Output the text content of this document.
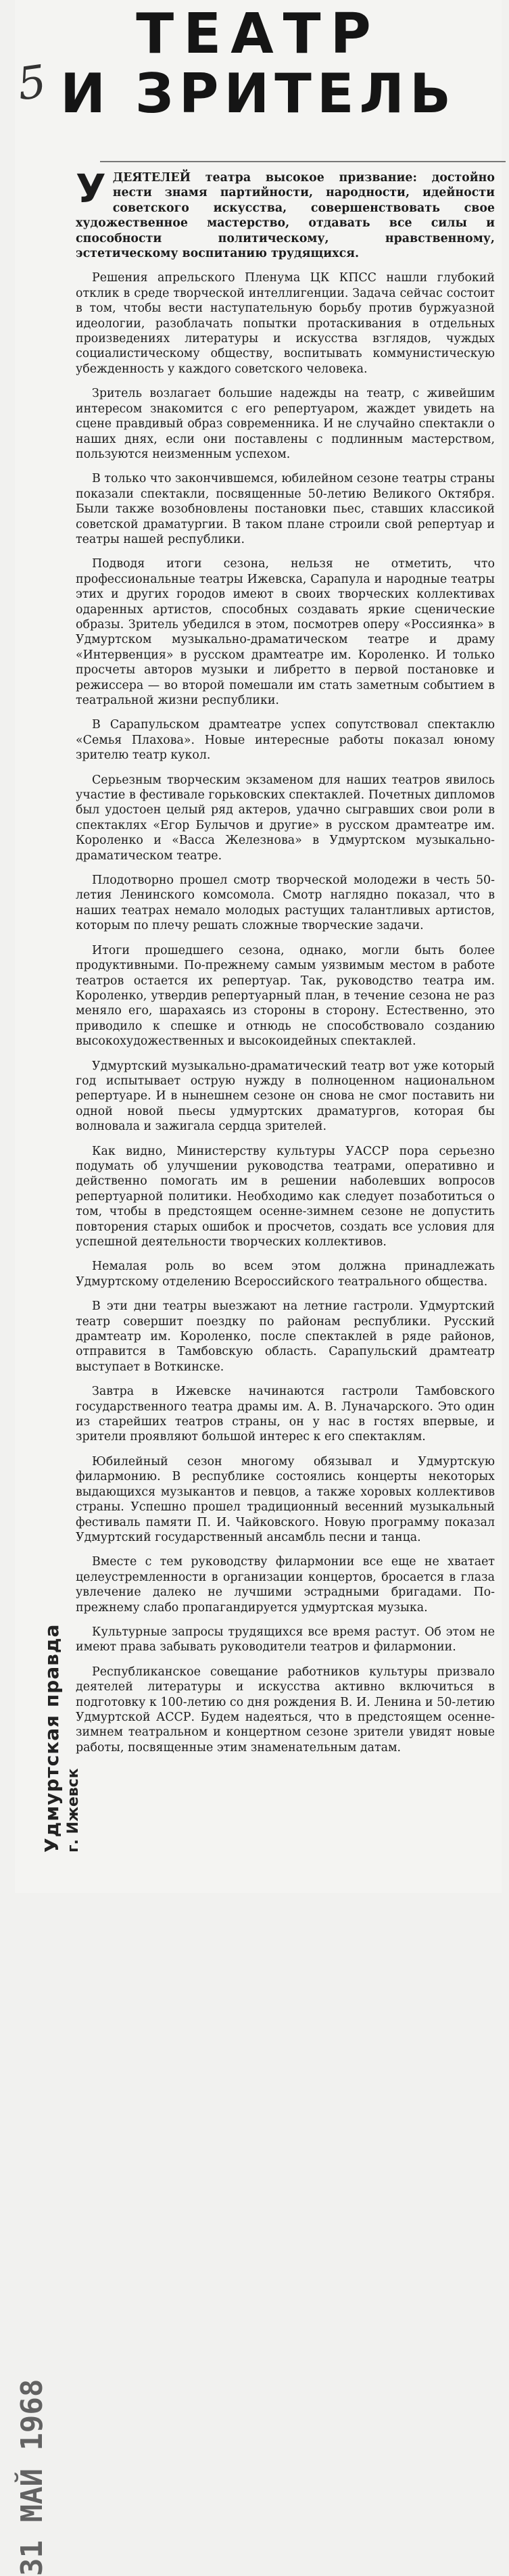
5
ТЕАТР
И ЗРИТЕЛЬ

УДЕЯТЕЛЕЙ театра высокое призвание: достойно нести знамя партийности, народности, идейности советского искусства, совершенствовать свое художественное мастерство, отдавать все силы и способности политическому, нравственному, эстетическому воспитанию трудящихся.

Решения апрельского Пленума ЦК КПСС нашли глубокий отклик в среде творческой интеллигенции. Задача сейчас состоит в том, чтобы вести наступательную борьбу против буржуазной идеологии, разоблачать попытки протаскивания в отдельных произведениях литературы и искусства взглядов, чуждых социалистическому обществу, воспитывать коммунистическую убежденность у каждого советского человека.

Зритель возлагает большие надежды на театр, с живейшим интересом знакомится с его репертуаром, жаждет увидеть на сцене правдивый образ современника. И не случайно спектакли о наших днях, если они поставлены с подлинным мастерством, пользуются неизменным успехом.

В только что закончившемся, юбилейном сезоне театры страны показали спектакли, посвященные 50-летию Великого Октября. Были также возобновлены постановки пьес, ставших классикой советской драматургии. В таком плане строили свой репертуар и театры нашей республики.

Подводя итоги сезона, нельзя не отметить, что профессиональные театры Ижевска, Сарапула и народные театры этих и других городов имеют в своих творческих коллективах одаренных артистов, способных создавать яркие сценические образы. Зритель убедился в этом, посмотрев оперу «Россиянка» в Удмуртском музыкально-драматическом театре и драму «Интервенция» в русском драмтеатре им. Короленко. И только просчеты авторов музыки и либретто в первой постановке и режиссера — во второй помешали им стать заметным событием в театральной жизни республики.

В Сарапульском драмтеатре успех сопутствовал спектаклю «Семья Плахова». Новые интересные работы показал юному зрителю театр кукол.

Серьезным творческим экзаменом для наших театров явилось участие в фестивале горьковских спектаклей. Почетных дипломов был удостоен целый ряд актеров, удачно сыгравших свои роли в спектаклях «Егор Булычов и другие» в русском драмтеатре им. Короленко и «Васса Железнова» в Удмуртском музыкально-драматическом театре.

Плодотворно прошел смотр творческой молодежи в честь 50-летия Ленинского комсомола. Смотр наглядно показал, что в наших театрах немало молодых растущих талантливых артистов, которым по плечу решать сложные творческие задачи.

Итоги прошедшего сезона, однако, могли быть более продуктивными. По-прежнему самым уязвимым местом в работе театров остается их репертуар. Так, руководство театра им. Короленко, утвердив репертуарный план, в течение сезона не раз меняло его, шарахаясь из стороны в сторону. Естественно, это приводило к спешке и отнюдь не способствовало созданию высокохудожественных и высокоидейных спектаклей.

Удмуртский музыкально-драматический театр вот уже который год испытывает острую нужду в полноценном национальном репертуаре. И в нынешнем сезоне он снова не смог поставить ни одной новой пьесы удмуртских драматургов, которая бы волновала и зажигала сердца зрителей.

Как видно, Министерству культуры УАССР пора серьезно подумать об улучшении руководства театрами, оперативно и действенно помогать им в решении наболевших вопросов репертуарной политики. Необходимо как следует позаботиться о том, чтобы в предстоящем осенне-зимнем сезоне не допустить повторения старых ошибок и просчетов, создать все условия для успешной деятельности творческих коллективов.

Немалая роль во всем этом должна принадлежать Удмуртскому отделению Всероссийского театрального общества.

В эти дни театры выезжают на летние гастроли. Удмуртский театр совершит поездку по районам республики. Русский драмтеатр им. Короленко, после спектаклей в ряде районов, отправится в Тамбовскую область. Сарапульский драмтеатр выступает в Воткинске.

Завтра в Ижевске начинаются гастроли Тамбовского государственного театра драмы им. А. В. Луначарского. Это один из старейших театров страны, он у нас в гостях впервые, и зрители проявляют большой интерес к его спектаклям.

Юбилейный сезон многому обязывал и Удмуртскую филармонию. В республике состоялись концерты некоторых выдающихся музыкантов и певцов, а также хоровых коллективов страны. Успешно прошел традиционный весенний музыкальный фестиваль памяти П. И. Чайковского. Новую программу показал Удмуртский государственный ансамбль песни и танца.

Вместе с тем руководству филармонии все еще не хватает целеустремленности в организации концертов, бросается в глаза увлечение далеко не лучшими эстрадными бригадами. По-прежнему слабо пропагандируется удмуртская музыка.

Культурные запросы трудящихся все время растут. Об этом не имеют права забывать руководители театров и филармонии.

Республиканское совещание работников культуры призвало деятелей литературы и искусства активно включиться в подготовку к 100-летию со дня рождения В. И. Ленина и 50-летию Удмуртской АССР. Будем надеяться, что в предстоящем осенне-зимнем театральном и концертном сезоне зрители увидят новые работы, посвященные этим знаменательным датам.

31 МАЙ 1968
Удмуртская правда г. Ижевск
